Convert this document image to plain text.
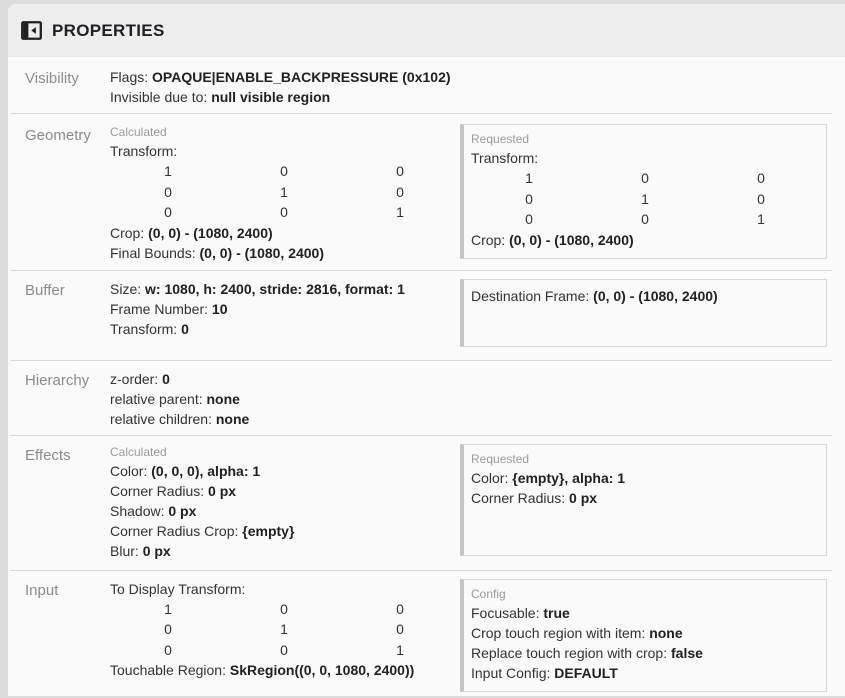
PROPERTIES
Visibility	Flags : OPAQUE|ENABLE_BACKPRESSURE (0x102)
Invisible due to : null visible region
Geometry	Calculated
Transform:
1	0	0
0	1	0
0	0	1
Crop : (0, 0) - (1080, 2400)
Final Bounds : (0, 0) - (1080, 2400)
Requested
Transform:
1	0	0
0	1	0
0	0	1
Crop : (0, 0) - (1080, 2400)
Buffer	Size : w: 1080, h: 2400, stride: 2816, format: 1
Frame Number : 10
Transform : 0
Destination Frame : (0, 0) - (1080, 2400)
Hierarchy	z-order : 0
relative parent : none
relative children : none
Effects	Calculated
Color : (0, 0, 0), alpha: 1
Corner Radius : 0 px
Shadow : 0 px
Corner Radius Crop : {empty}
Blur : 0 px
Requested
Color : {empty}, alpha: 1
Corner Radius : 0 px
Input	To Display Transform:
1	0	0
0	1	0
0	0	1
Touchable Region : SkRegion((0, 0, 1080, 2400))
Config
Focusable : true
Crop touch region with item : none
Replace touch region with crop : false
Input Config : DEFAULT
